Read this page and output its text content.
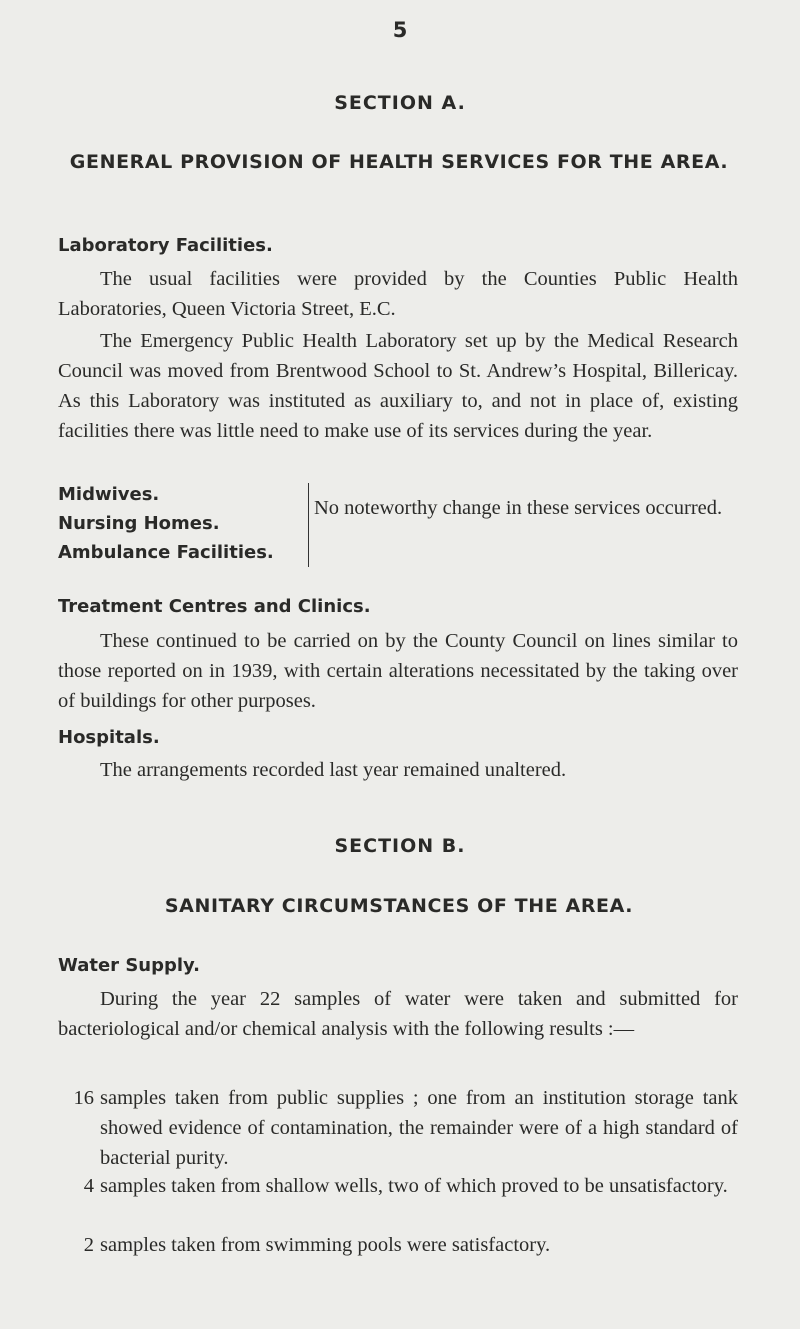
5
SECTION A.
GENERAL PROVISION OF HEALTH SERVICES FOR THE AREA.
Laboratory Facilities.
The usual facilities were provided by the Counties Public Health Laboratories, Queen Victoria Street, E.C.
The Emergency Public Health Laboratory set up by the Medical Research Council was moved from Brentwood School to St. Andrew’s Hospital, Billericay. As this Laboratory was instituted as auxiliary to, and not in place of, existing facilities there was little need to make use of its services during the year.
Midwives.
Nursing Homes.
Ambulance Facilities.
No noteworthy change in these services occurred.
Treatment Centres and Clinics.
These continued to be carried on by the County Council on lines similar to those reported on in 1939, with certain alterations necessitated by the taking over of buildings for other purposes.
Hospitals.
The arrangements recorded last year remained unaltered.
SECTION B.
SANITARY CIRCUMSTANCES OF THE AREA.
Water Supply.
During the year 22 samples of water were taken and submitted for bacteriological and/or chemical analysis with the following results :—
16 samples taken from public supplies ; one from an institution storage tank showed evidence of contamination, the remainder were of a high standard of bacterial purity.
4 samples taken from shallow wells, two of which proved to be unsatisfactory.
2 samples taken from swimming pools were satisfactory.
